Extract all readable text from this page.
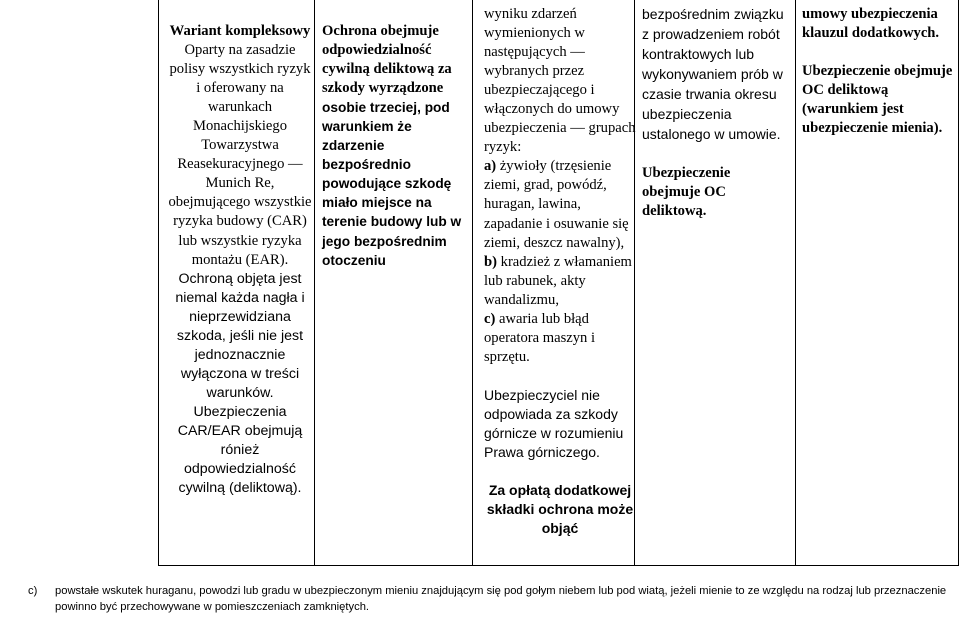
Wariant kompleksowy
Oparty na zasadzie polisy wszystkich ryzyk i oferowany na warunkach Monachijskiego Towarzystwa Reasekuracyjnego — Munich Re, obejmującego wszystkie ryzyka budowy (CAR) lub wszystkie ryzyka montażu (EAR).
Ochroną objęta jest niemal każda nagła i nieprzewidziana szkoda, jeśli nie jest jednoznacznie wyłączona w treści warunków. Ubezpieczenia CAR/EAR obejmują rónież odpowiedzialność cywilną (deliktową).
Ochrona obejmuje odpowiedzialność cywilną deliktową za szkody wyrządzone
osobie trzeciej, pod warunkiem że zdarzenie bezpośrednio powodujące szkodę miało miejsce na terenie budowy lub w jego bezpośrednim otoczeniu

wyniku zdarzeń wymienionych w następujących — wybranych przez ubezpieczającego i włączonych do umowy ubezpieczenia — grupach ryzyk:

a) żywioły (trzęsienie ziemi, grad, powódź, huragan, lawina, zapadanie i osuwanie się ziemi, deszcz nawalny),

b) kradzież z włamaniem lub rabunek, akty wandalizmu,

c) awaria lub błąd operatora maszyn i sprzętu.

Ubezpieczyciel nie odpowiada za szkody górnicze w rozumieniu Prawa górniczego.

Za opłatą dodatkowej składki ochrona może objąć

bezpośrednim związku z prowadzeniem robót kontraktowych lub wykonywaniem prób w czasie trwania okresu ubezpieczenia ustalonego w umowie.
Ubezpieczenie obejmuje OC deliktową.
umowy ubezpieczenia klauzul dodatkowych.
Ubezpieczenie obejmuje OC deliktową (warunkiem jest ubezpieczenie mienia).
c) powstałe wskutek huraganu, powodzi lub gradu w ubezpieczonym mieniu znajdującym się pod gołym niebem lub pod wiatą, jeżeli mienie to ze względu na rodzaj lub przeznaczenie powinno być przechowywane w pomieszczeniach zamkniętych.
